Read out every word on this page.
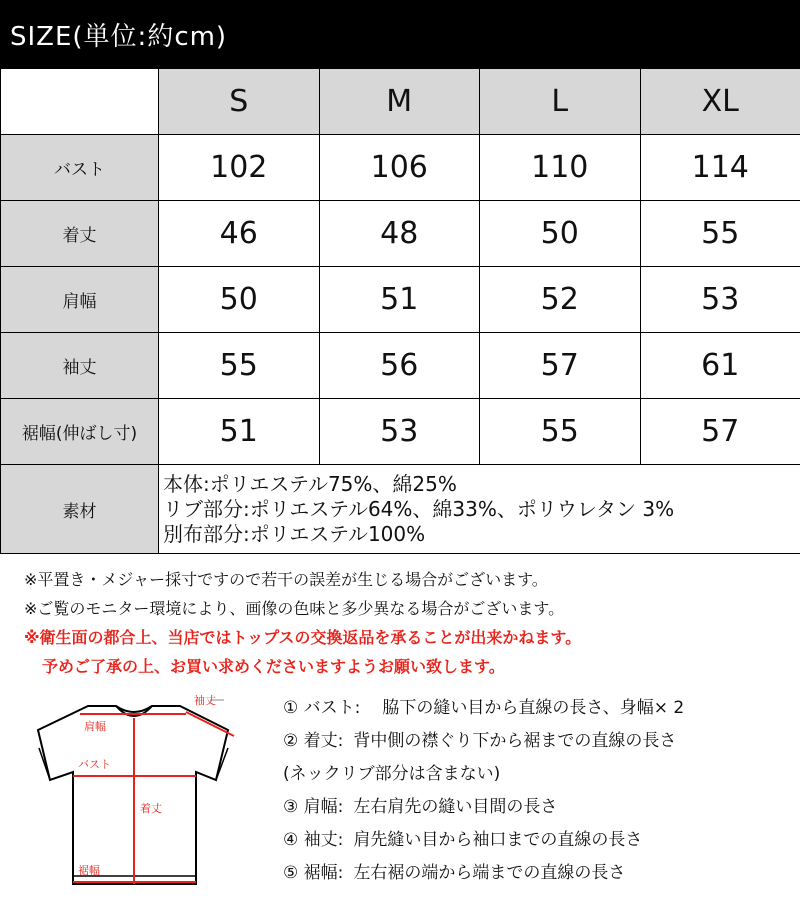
SIZE(単位:約cm)
	S	M	L	XL
バスト	102	106	110	114
着丈	46	48	50	55
肩幅	50	51	52	53
袖丈	55	56	57	61
裾幅(伸ばし寸)	51	53	55	57
素材	本体:ポリエステル75%、綿25%
リブ部分:ポリエステル64%、綿33%、ポリウレタン 3%
別布部分:ポリエステル100%			
※平置き・メジャー採寸ですので若干の誤差が生じる場合がございます。
※ご覧のモニター環境により、画像の色味と多少異なる場合がございます。
※衛生面の都合上、当店ではトップスの交換返品を承ることが出来かねます。
予めご了承の上、お買い求めくださいますようお願い致します。
袖丈
肩幅
バスト
着丈
裾幅
① バスト: 脇下の縫い目から直線の長さ、身幅× 2
② 着丈: 背中側の襟ぐり下から裾までの直線の長さ
(ネックリブ部分は含まない)
③ 肩幅: 左右肩先の縫い目間の長さ
④ 袖丈: 肩先縫い目から袖口までの直線の長さ
⑤ 裾幅: 左右裾の端から端までの直線の長さ
